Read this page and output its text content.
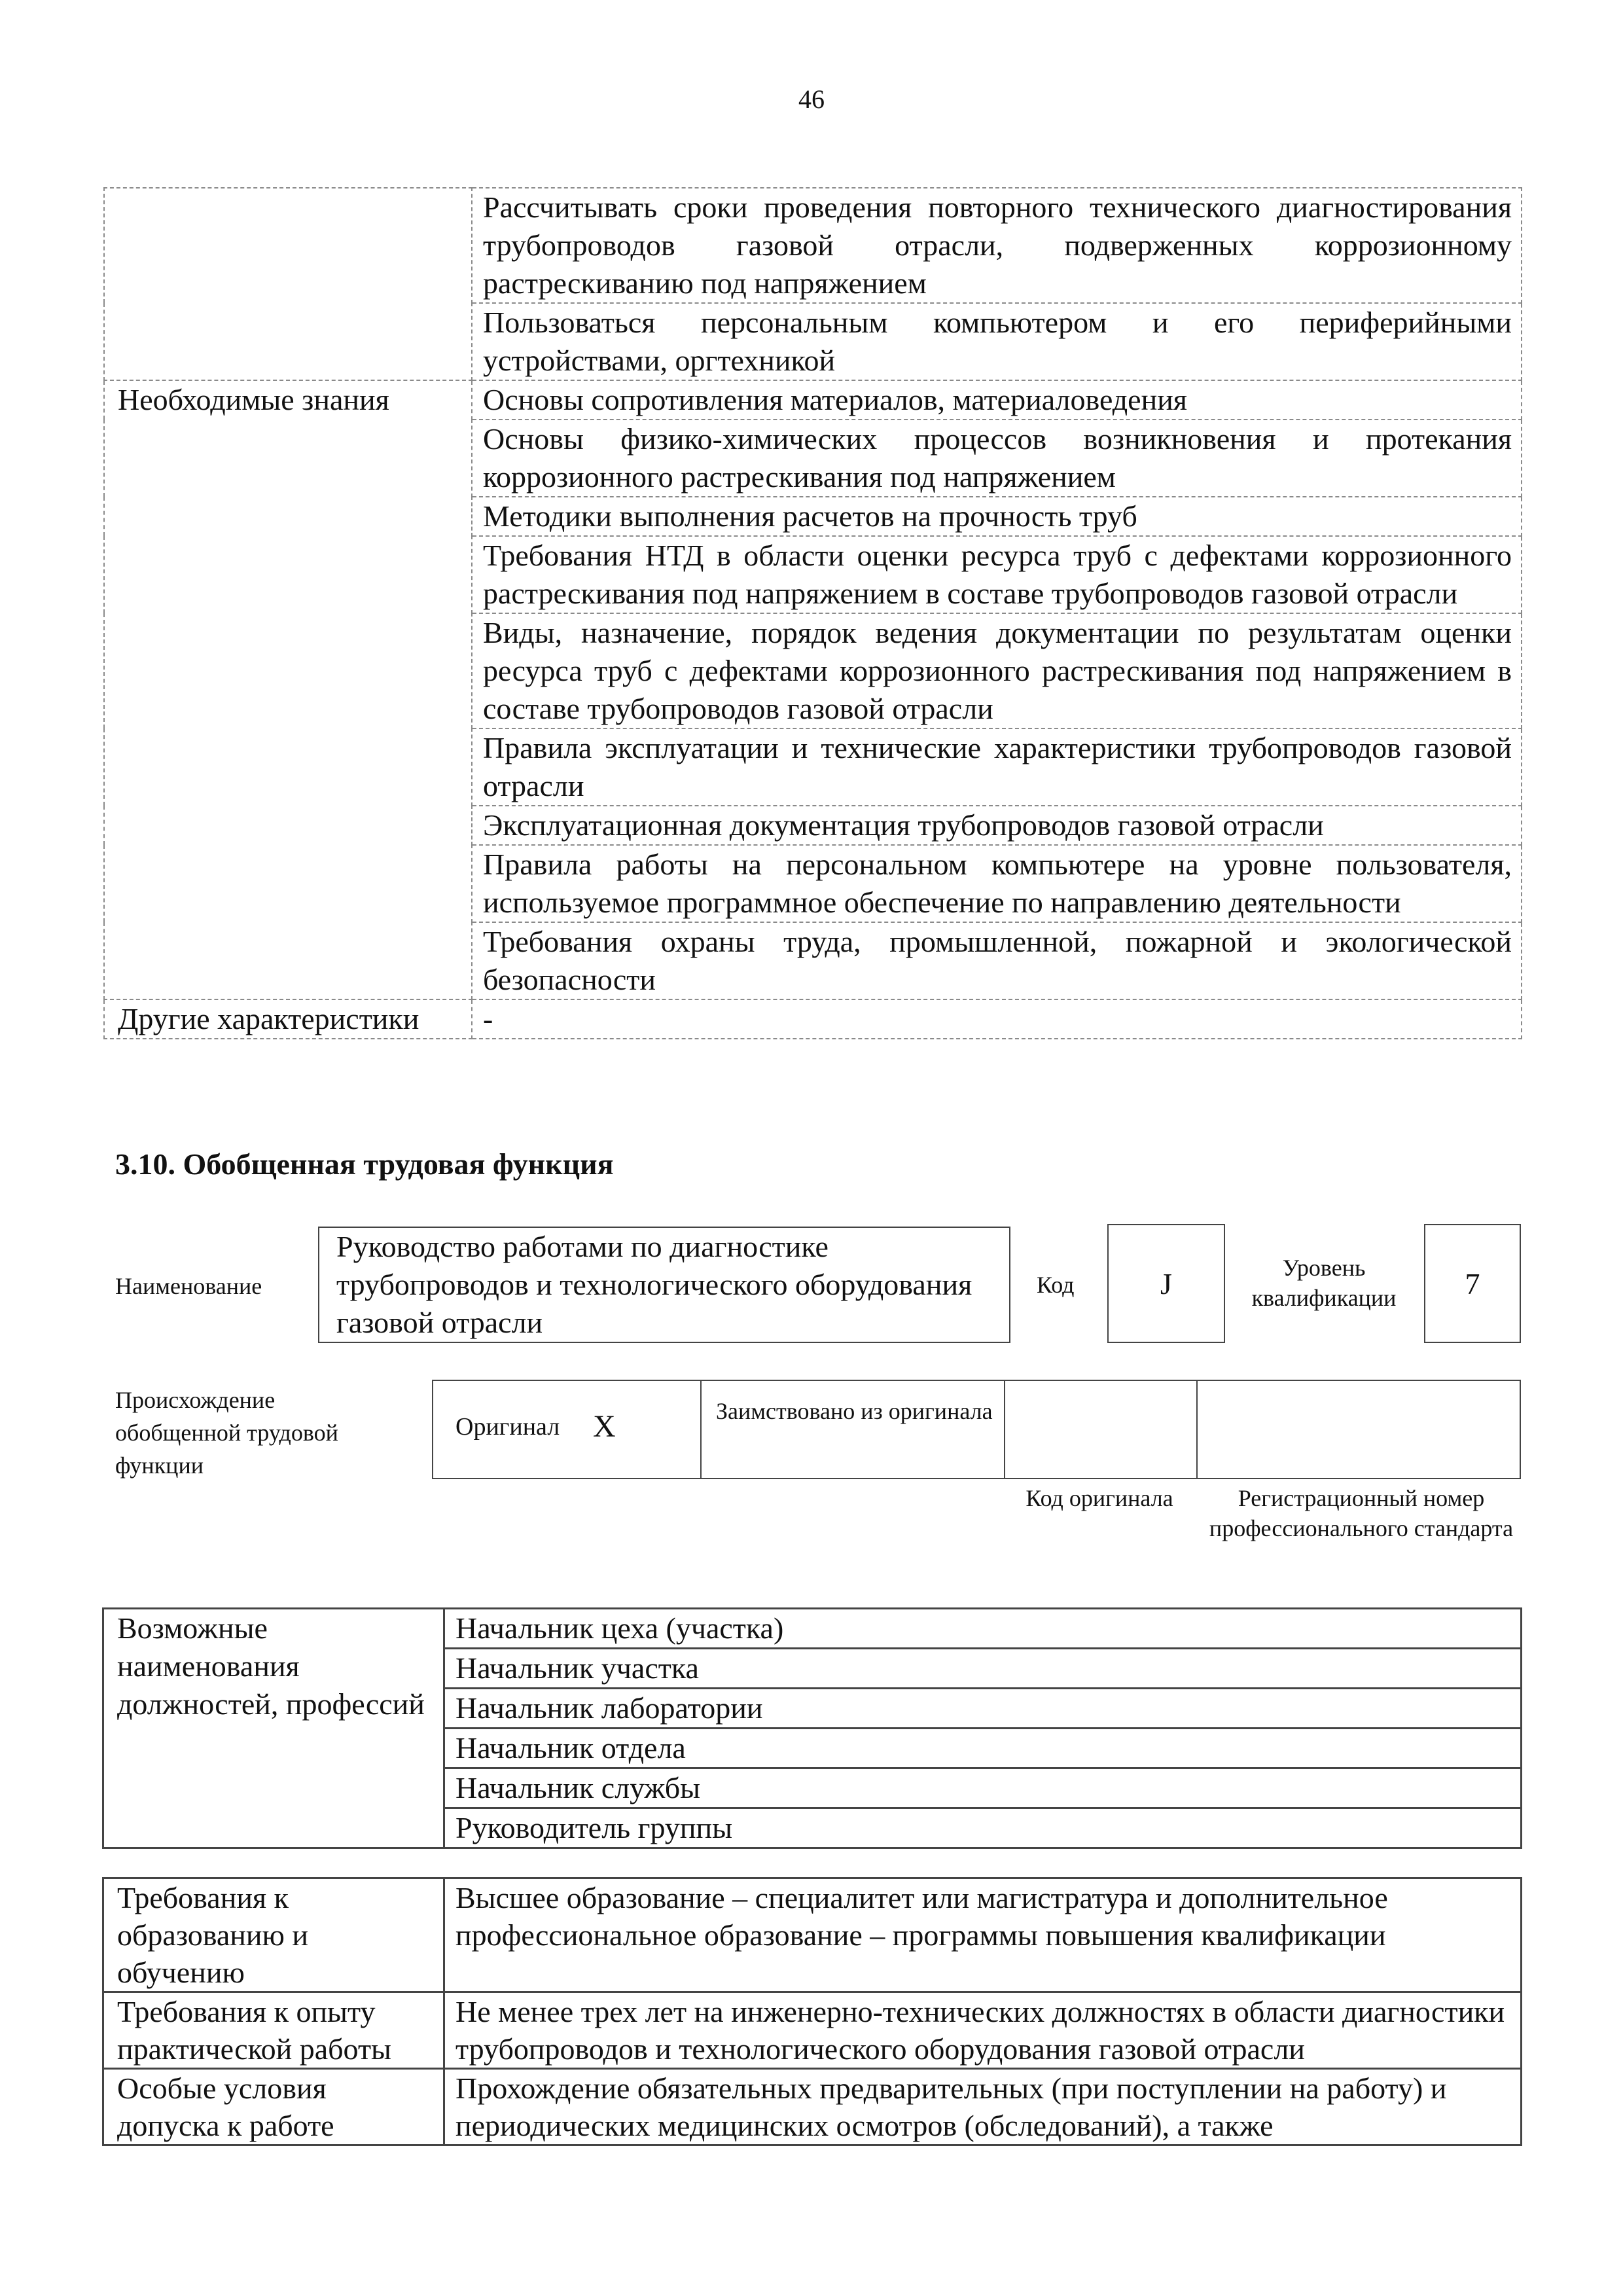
46
	Рассчитывать сроки проведения повторного технического диагностирования трубопроводов газовой отрасли, подверженных коррозионному растрескиванию под напряжением
	Пользоваться персональным компьютером и его периферийными устройствами, оргтехникой
Необходимые знания	Основы сопротивления материалов, материаловедения
	Основы физико-химических процессов возникновения и протекания коррозионного растрескивания под напряжением
	Методики выполнения расчетов на прочность труб
	Требования НТД в области оценки ресурса труб с дефектами коррозионного растрескивания под напряжением в составе трубопроводов газовой отрасли
	Виды, назначение, порядок ведения документации по результатам оценки ресурса труб с дефектами коррозионного растрескивания под напряжением в составе трубопроводов газовой отрасли
	Правила эксплуатации и технические характеристики трубопроводов газовой отрасли
	Эксплуатационная документация трубопроводов газовой отрасли
	Правила работы на персональном компьютере на уровне пользователя, используемое программное обеспечение по направлению деятельности
	Требования охраны труда, промышленной, пожарной и экологической безопасности
Другие характеристики	-
3.10. Обобщенная трудовая функция
Наименование
Руководство работами по диагностике трубопроводов и технологического оборудования газовой отрасли
Код	J	Уровень квалификации	7
Происхождение обобщенной трудовой функции
Оригинал X	Заимствовано из оригинала
Код оригинала	Регистрационный номер профессионального стандарта
Возможные наименования должностей, профессий	Начальник цеха (участка)
Начальник участка
Начальник лаборатории
Начальник отдела
Начальник службы
Руководитель группы
Требования к образованию и обучению	Высшее образование – специалитет или магистратура и дополнительное профессиональное образование – программы повышения квалификации
Требования к опыту практической работы	Не менее трех лет на инженерно-технических должностях в области диагностики трубопроводов и технологического оборудования газовой отрасли
Особые условия допуска к работе	Прохождение обязательных предварительных (при поступлении на работу) и периодических медицинских осмотров (обследований), а также
